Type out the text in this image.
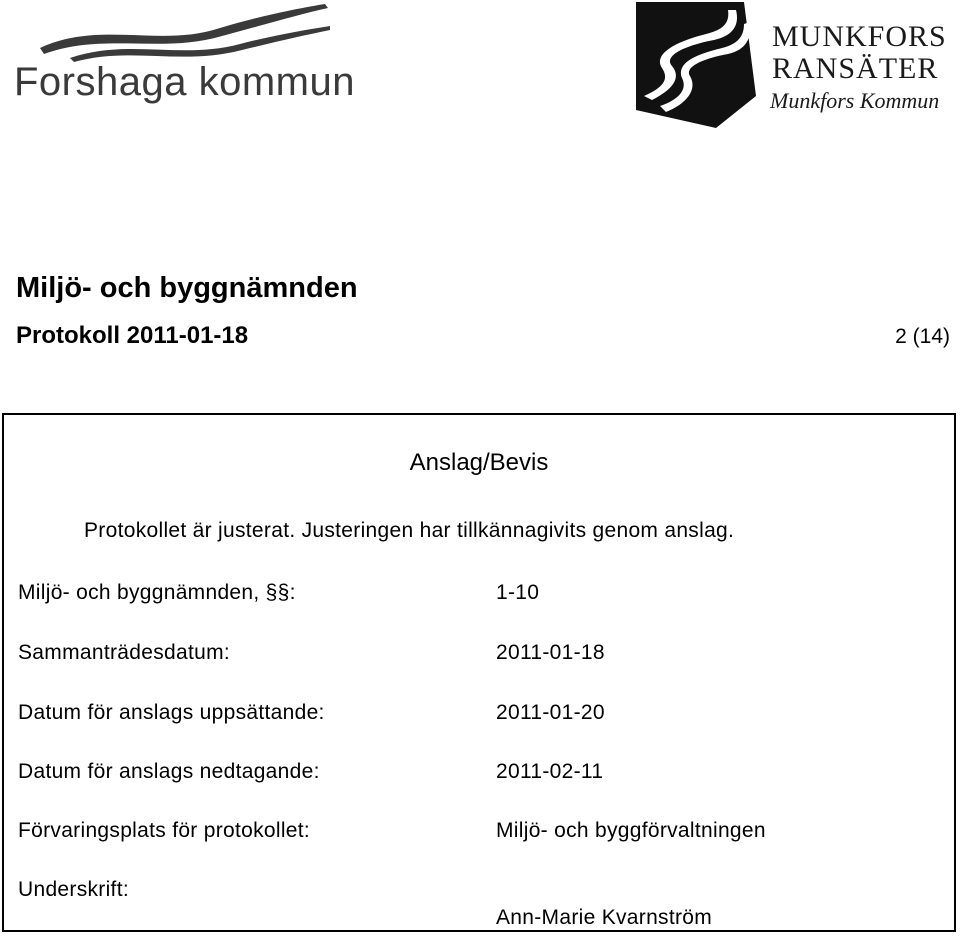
Forshaga kommun
MUNKFORS
RANSÄTER
Munkfors Kommun
Miljö- och byggnämnden
Protokoll 2011-01-18	2 (14)
Anslag/Bevis
Protokollet är justerat. Justeringen har tillkännagivits genom anslag.
Miljö- och byggnämnden, §§:	1-10
Sammanträdesdatum:	2011-01-18
Datum för anslags uppsättande:	2011-01-20
Datum för anslags nedtagande:	2011-02-11
Förvaringsplats för protokollet:	Miljö- och byggförvaltningen
Underskrift:
Ann-Marie Kvarnström
